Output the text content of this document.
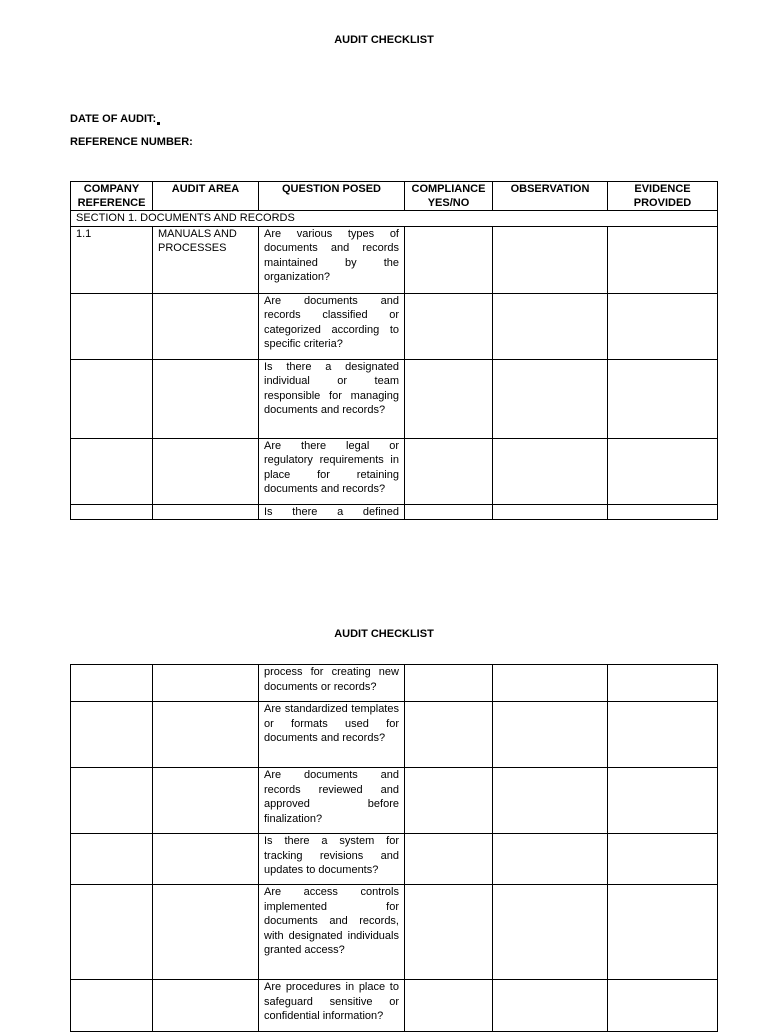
AUDIT CHECKLIST
DATE OF AUDIT:
REFERENCE NUMBER:
COMPANY REFERENCE	AUDIT AREA	QUESTION POSED	COMPLIANCE YES/NO	OBSERVATION	EVIDENCE PROVIDED
SECTION 1. DOCUMENTS AND RECORDS					
1.1	MANUALS AND PROCESSES	Are various types of documents and records maintained by the organization?			
		Are documents and records classified or categorized according to specific criteria?			
		Is there a designated individual or team responsible for managing documents and records?			
		Are there legal or regulatory requirements in place for retaining documents and records?			
		Is there a defined			
AUDIT CHECKLIST
		process for creating new documents or records?			
		Are standardized templates or formats used for documents and records?			
		Are documents and records reviewed and approved before finalization?			
		Is there a system for tracking revisions and updates to documents?			
		Are access controls implemented for documents and records, with designated individuals granted access?			
		Are procedures in place to safeguard sensitive or confidential information?			
